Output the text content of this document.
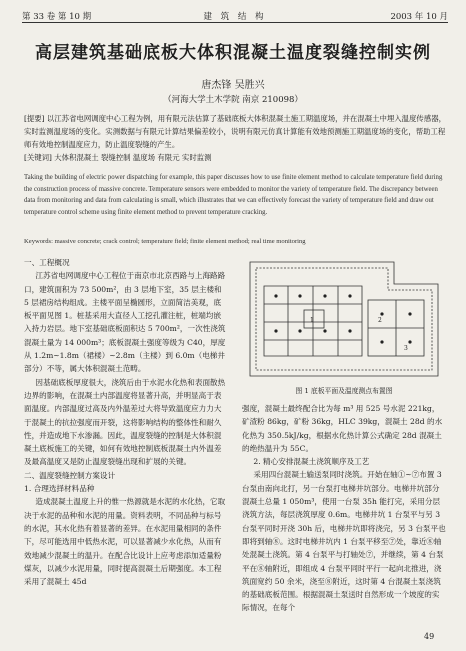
第 33 卷 第 10 期	建 筑 结 构	2003 年 10 月
高层建筑基础底板大体积混凝土温度裂缝控制实例
唐杰锋 吴胜兴
（河海大学土木学院 南京 210098）
[提要] 以江苏省电网调度中心工程为例，用有限元法估算了基础底板大体积混凝土施工期温度场，并在混凝土中埋入温度传感器，实时监测温度场的变化。实测数据与有限元计算结果偏差较小，说明有限元仿真计算能有效地预测施工期温度场的变化，帮助工程师有效地控制温度应力，防止温度裂缝的产生。
[关键词] 大体积混凝土 裂缝控制 温度场 有限元 实时监测
Taking the building of electric power dispatching for example, this paper discusses how to use finite element method to calculate temperature field during the construction process of massive concrete. Temperature sensors were embedded to monitor the variety of temperature field. The discrepancy between data from monitoring and data from calculating is small, which illustrates that we can effectively forecast the variety of temperature field and draw out temperature control scheme using finite element method to prevent temperature cracking.
Keywords: massive concrete; crack control; temperature field; finite element method; real time monitoring

一、工程概况

江苏省电网调度中心工程位于南京市北京西路与上海路路口，建筑面积为 73 500m²，由 3 层地下室，35 层主楼和 5 层裙房结构组成。主楼平面呈椭圆形，立面简洁美观，底板平面见图 1。桩基采用大直径人工挖孔灌注桩，桩端均嵌入持力岩层。地下室基础底板面积达 5 700m²，一次性浇筑混凝土量为 14 000m³；底板混凝土强度等级为 C40，厚度从 1.2m~1.8m（裙楼）~2.8m（主楼）到 6.0m（电梯井部分）不等，属大体积混凝土范畴。

因基础底板厚度很大，浇筑后由于水泥水化热和表面散热边界的影响，在混凝土内部温度将显著升高，并明显高于表面温度。内部温度过高及内外温差过大将导致温度应力力大于混凝土的抗拉强度而开裂，这将影响结构的整体性和耐久性，并造成地下水渗漏。因此，温度裂缝的控制是大体积混凝土底板施工的关键，如何有效地控制底板混凝土内外温差及最高温度又是防止温度裂缝出现和扩展的关键。

二、温度裂缝控制方案设计

1. 合理选择材料品种

造成混凝土温度上升的惟一热源就是水泥的水化热，它取决于水泥的品种和水泥的用量。资料表明，不同品种与标号的水泥，其水化热有着显著的差异。在水泥用量相同的条件下，尽可能选用中低热水泥，可以显著减少水化热，从而有效地减少混凝土的温升。在配合比设计上应考虑添加适量粉煤灰，以减少水泥用量，同时提高混凝土后期强度。本工程采用了混凝土 45d

1	2
3
图 1 底板平面及温度测点布置图

强度，混凝土最终配合比为每 m³ 用 525 号水泥 221kg，矿渣粉 86kg，矿粉 36kg，HLC 39kg，混凝土 28d 的水化热为 350.5kJ/kg，根据水化热计算公式确定 28d 混凝土的绝热温升为 55C。

2. 精心安排混凝土浇筑顺序及工艺

采用四台混凝土输送泵同时浇筑。开始在轴①~⑦布置 3 台泵由南向北打，另一台泵打电梯井坑部分。电梯井坑部分混凝土总量 1 050m³，使用一台泵 35h 能打完，采用分层浇筑方法，每层浇筑厚度 0.6m。电梯井坑 1 台泵平与另 3 台泵平同时开浇 30h 后，电梯井坑即将浇完，另 3 台泵平也即将到轴⑧。这时电梯井坑内 1 台泵平移至⑦处，靠近⑧轴处混凝土浇筑。第 4 台泵平与打轴处⑦，并继续，第 4 台泵平在⑧轴附近，即组成 4 台泵平同时平行一起向北推进，浇筑面宽约 50 余米，浇至⑧附近，这时第 4 台混凝土泵浇筑的基础底板范围。根据混凝土泵送时自然形成一个坡度的实际情况，在每个

49
